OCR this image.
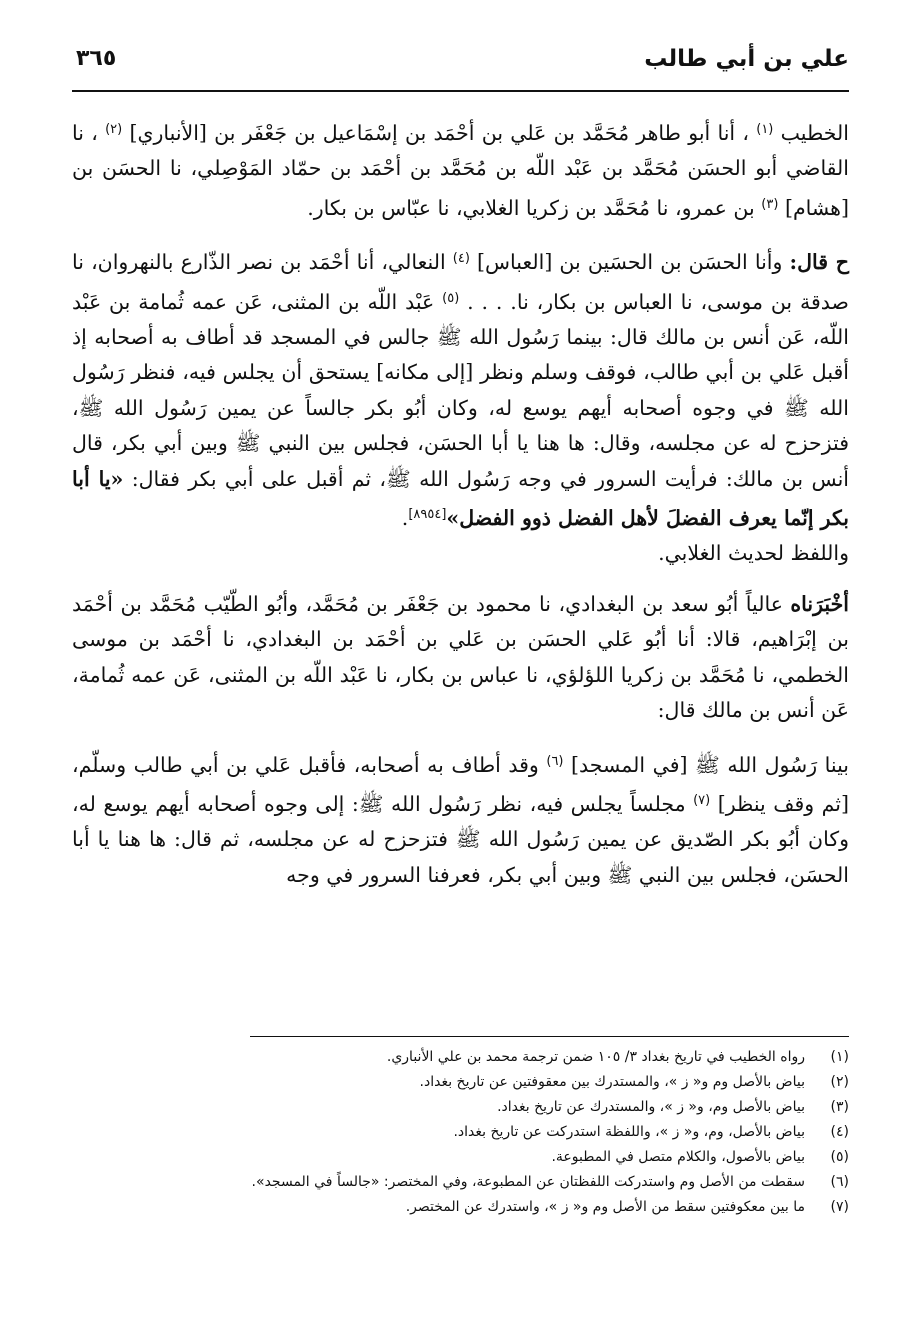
٣٦٥	علي بن أبي طالب

الخطيب $^{(١)}$ ، أنا أبو طاهر مُحَمَّد بن عَلي بن أحْمَد بن إسْمَاعيل بن جَعْفَر بن [الأنباري] $^{(٢)}$ ، نا القاضي أبو الحسَن مُحَمَّد بن عَبْد اللّه بن مُحَمَّد بن أحْمَد بن حمّاد المَوْصِلي، نا الحسَن بن [هشام] $^{(٣)}$ بن عمرو، نا مُحَمَّد بن زكريا الغلابي، نا عبّاس بن بكار.

ح قال: وأنا الحسَن بن الحسَين بن [العباس] $^{(٤)}$ النعالي، أنا أحْمَد بن نصر الذّارع بالنهروان، نا صدقة بن موسى، نا العباس بن بكار، نا. . . . $^{(٥)}$ عَبْد اللّه بن المثنى، عَن عمه ثُمامة بن عَبْد اللّه، عَن أنس بن مالك قال: بينما رَسُول الله ﷺ جالس في المسجد قد أطاف به أصحابه إذ أقبل عَلي بن أبي طالب، فوقف وسلم ونظر [إلى مكانه] يستحق أن يجلس فيه، فنظر رَسُول الله ﷺ في وجوه أصحابه أيهم يوسع له، وكان أبُو بكر جالساً عن يمين رَسُول الله ﷺ، فتزحزح له عن مجلسه، وقال: ها هنا يا أبا الحسَن، فجلس بين النبي ﷺ وبين أبي بكر، قال أنس بن مالك: فرأيت السرور في وجه رَسُول الله ﷺ، ثم أقبل على أبي بكر فقال: «يا أبا بكر إنّما يعرف الفضلَ لأهل الفضل ذوو الفضل»[٨٩٥٤].

واللفظ لحديث الغلابي.

أخْبَرَناه عالياً أبُو سعد بن البغدادي، نا محمود بن جَعْفَر بن مُحَمَّد، وأبُو الطّيّب مُحَمَّد بن أحْمَد بن إبْرَاهيم، قالا: أنا أبُو عَلي الحسَن بن عَلي بن أحْمَد بن البغدادي، نا أحْمَد بن موسى الخطمي، نا مُحَمَّد بن زكريا اللؤلؤي، نا عباس بن بكار، نا عَبْد اللّه بن المثنى، عَن عمه ثُمامة، عَن أنس بن مالك قال:

بينا رَسُول الله ﷺ [في المسجد] $^{(٦)}$ وقد أطاف به أصحابه، فأقبل عَلي بن أبي طالب وسلّم، [ثم وقف ينظر] $^{(٧)}$ مجلساً يجلس فيه، نظر رَسُول الله ﷺ: إلى وجوه أصحابه أيهم يوسع له، وكان أبُو بكر الصّديق عن يمين رَسُول الله ﷺ فتزحزح له عن مجلسه، ثم قال: ها هنا يا أبا الحسَن، فجلس بين النبي ﷺ وبين أبي بكر، فعرفنا السرور في وجه

(١)
رواه الخطيب في تاريخ بغداد ٣/ ١٠٥ ضمن ترجمة محمد بن علي الأنباري.
(٢)
بياض بالأصل وم و« ز »، والمستدرك بين معقوفتين عن تاريخ بغداد.
(٣)
بياض بالأصل وم، و« ز »، والمستدرك عن تاريخ بغداد.
(٤)
بياض بالأصل، وم، و« ز »، واللفظة استدركت عن تاريخ بغداد.
(٥)
بياض بالأصول، والكلام متصل في المطبوعة.
(٦)
سقطت من الأصل وم واستدركت اللفظتان عن المطبوعة، وفي المختصر: «جالساً في المسجد».
(٧)
ما بين معكوفتين سقط من الأصل وم و« ز »، واستدرك عن المختصر.
